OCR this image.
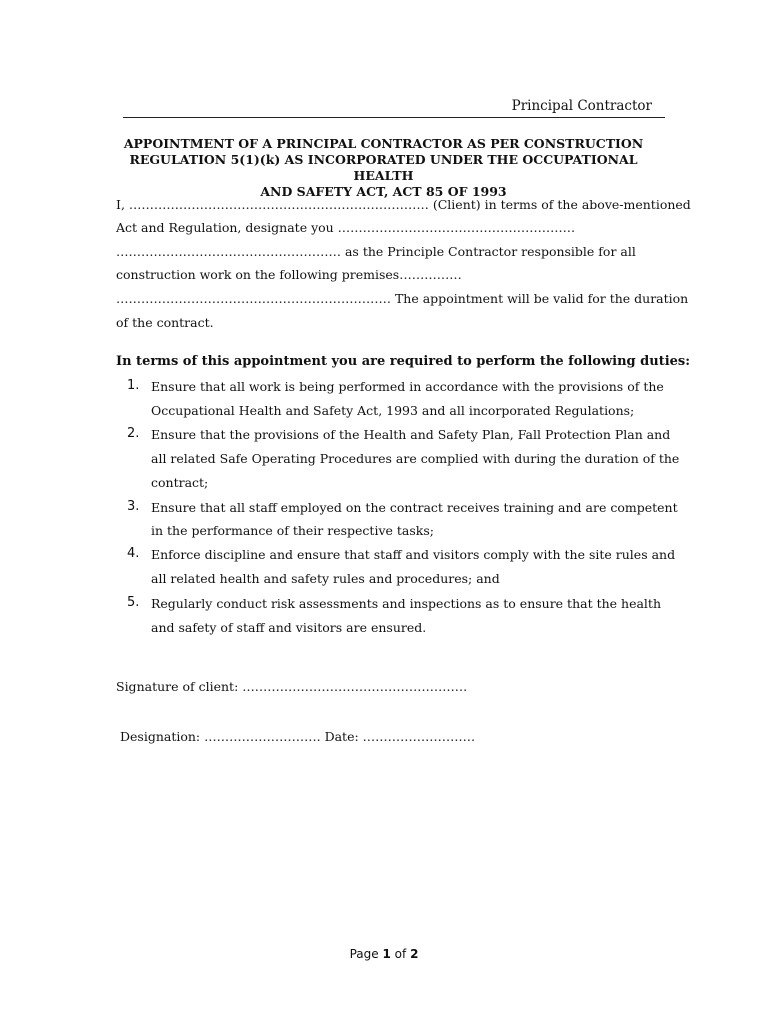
Principal Contractor
APPOINTMENT OF A PRINCIPAL CONTRACTOR AS PER CONSTRUCTION
REGULATION 5(1)(k) AS INCORPORATED UNDER THE OCCUPATIONAL HEALTH
AND SAFETY ACT, ACT 85 OF 1993
I, ……………………………………………………………… (Client) in terms of the above-mentioned
Act and Regulation, designate you …………………………………………………
……………………………………………… as the Principle Contractor responsible for all
construction work on the following premises……………
………………………………………………………… The appointment will be valid for the duration
of the contract.
In terms of this appointment you are required to perform the following duties:
1. Ensure that all work is being performed in accordance with the provisions of the
Occupational Health and Safety Act, 1993 and all incorporated Regulations;
2. Ensure that the provisions of the Health and Safety Plan, Fall Protection Plan and
all related Safe Operating Procedures are complied with during the duration of the
contract;
3. Ensure that all staff employed on the contract receives training and are competent
in the performance of their respective tasks;
4. Enforce discipline and ensure that staff and visitors comply with the site rules and
all related health and safety rules and procedures; and
5. Regularly conduct risk assessments and inspections as to ensure that the health
and safety of staff and visitors are ensured.
Signature of client: ………………………………………………
Designation: ………………………. Date: ………………………
Page 1 of 2
